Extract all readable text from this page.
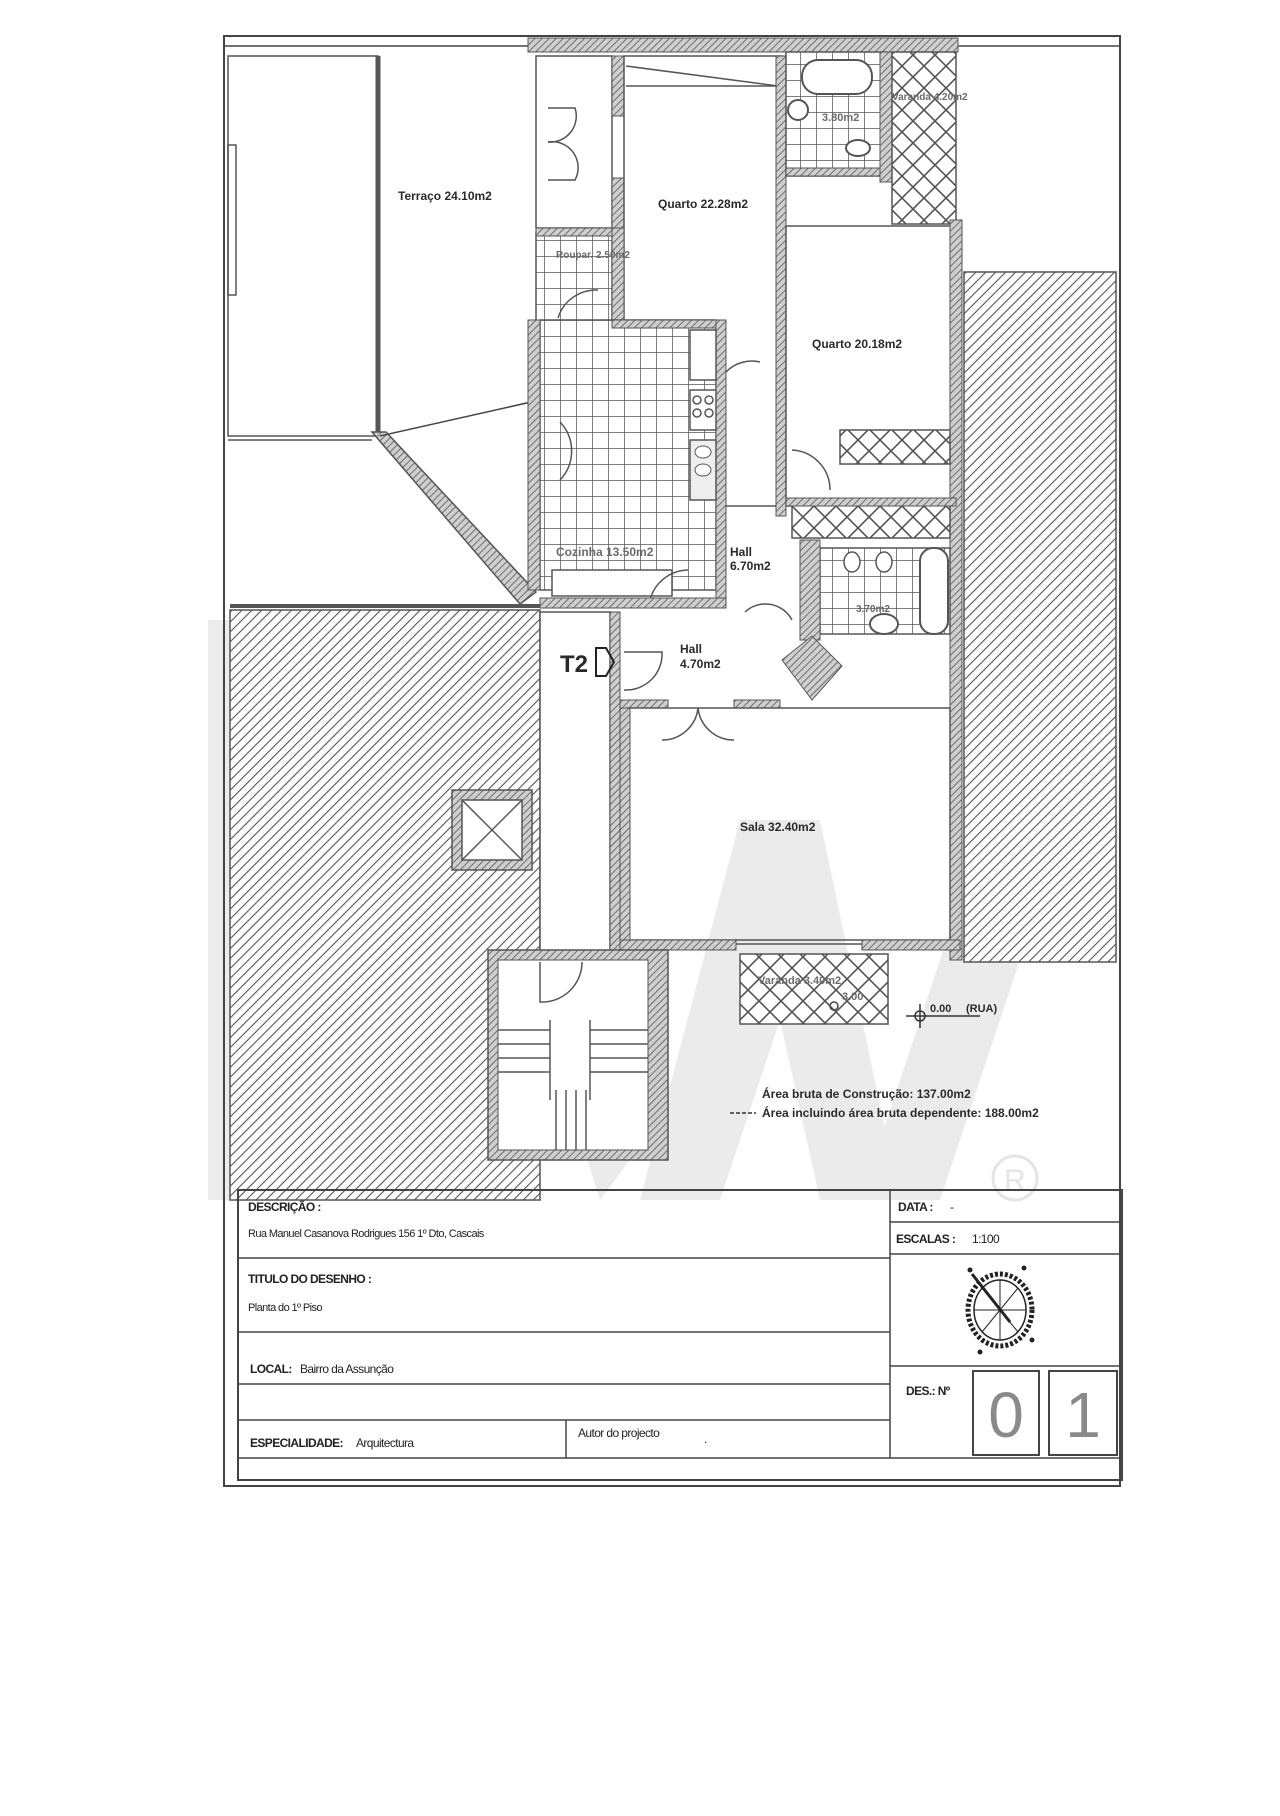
R
Terraço 24.10m2
Quarto 22.28m2
Quarto 20.18m2
3.80m2
Varanda 4.20m2
Roupar. 2.50m2
Cozinha 13.50m2	Hall
6.70m2
3.70m2
Hall
4.70m2
Sala 32.40m2
Varanda 3.40m2
3.00
T2
0.00 (RUA)
Área bruta de Construção: 137.00m2
Área incluindo área bruta dependente: 188.00m2
DESCRIÇÃO :
Rua Manuel Casanova Rodrigues 156 1º Dto, Cascais
TITULO DO DESENHO :
Planta do 1º Piso
LOCAL: Bairro da Assunção
ESPECIALIDADE: Arquitectura
Autor do projecto	.
DATA : -
ESCALAS : 1:100
DES.: Nº 0 1
